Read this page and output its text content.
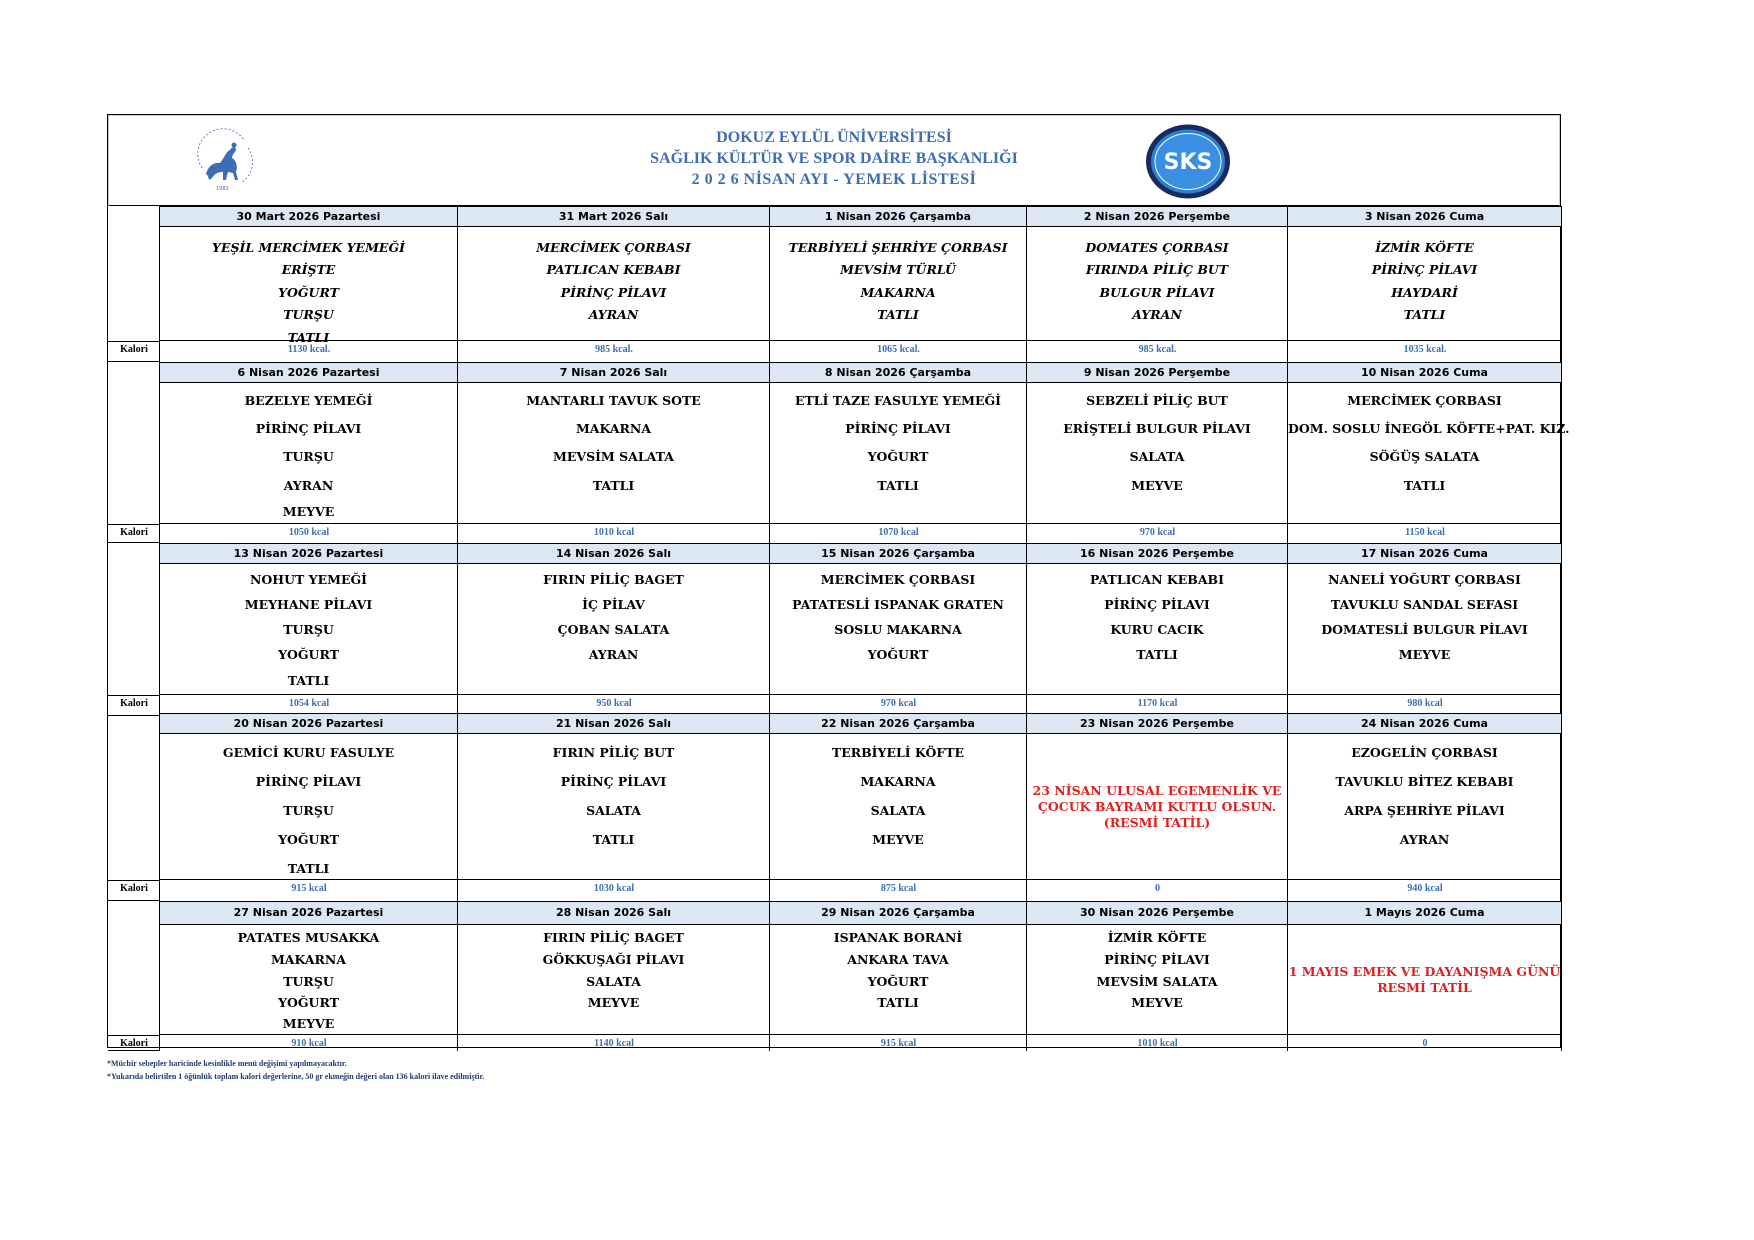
1982
DOKUZ EYLÜL ÜNİVERSİTESİ
SAĞLIK KÜLTÜR VE SPOR DAİRE BAŞKANLIĞI
2 0 2 6 NİSAN AYI - YEMEK LİSTESİ
SKS
Kalori
30 Mart 2026 Pazartesi
YEŞİL MERCİMEK YEMEĞİ
ERİŞTE
YOĞURT
TURŞU
TATLI
1130 kcal.
31 Mart 2026 Salı
MERCİMEK ÇORBASI
PATLICAN KEBABI
PİRİNÇ PİLAVI
AYRAN
985 kcal.
1 Nisan 2026 Çarşamba
TERBİYELİ ŞEHRİYE ÇORBASI
MEVSİM TÜRLÜ
MAKARNA
TATLI
1065 kcal.
2 Nisan 2026 Perşembe
DOMATES ÇORBASI
FIRINDA PİLİÇ BUT
BULGUR PİLAVI
AYRAN
985 kcal.
3 Nisan 2026 Cuma
İZMİR KÖFTE
PİRİNÇ PİLAVI
HAYDARİ
TATLI
1035 kcal.
Kalori
6 Nisan 2026 Pazartesi
BEZELYE YEMEĞİ
PİRİNÇ PİLAVI
TURŞU
AYRAN
MEYVE
1050 kcal
7 Nisan 2026 Salı
MANTARLI TAVUK SOTE
MAKARNA
MEVSİM SALATA
TATLI
1010 kcal
8 Nisan 2026 Çarşamba
ETLİ TAZE FASULYE YEMEĞİ
PİRİNÇ PİLAVI
YOĞURT
TATLI
1070 kcal
9 Nisan 2026 Perşembe
SEBZELİ PİLİÇ BUT
ERİŞTELİ BULGUR PİLAVI
SALATA
MEYVE
970 kcal
10 Nisan 2026 Cuma
MERCİMEK ÇORBASI
DOM. SOSLU İNEGÖL KÖFTE+PAT. KIZ.
SÖĞÜŞ SALATA
TATLI
1150 kcal
Kalori
13 Nisan 2026 Pazartesi
NOHUT YEMEĞİ
MEYHANE PİLAVI
TURŞU
YOĞURT
TATLI
1054 kcal
14 Nisan 2026 Salı
FIRIN PİLİÇ BAGET
İÇ PİLAV
ÇOBAN SALATA
AYRAN
950 kcal
15 Nisan 2026 Çarşamba
MERCİMEK ÇORBASI
PATATESLİ ISPANAK GRATEN
SOSLU MAKARNA
YOĞURT
970 kcal
16 Nisan 2026 Perşembe
PATLICAN KEBABI
PİRİNÇ PİLAVI
KURU CACIK
TATLI
1170 kcal
17 Nisan 2026 Cuma
NANELİ YOĞURT ÇORBASI
TAVUKLU SANDAL SEFASI
DOMATESLİ BULGUR PİLAVI
MEYVE
980 kcal
Kalori
20 Nisan 2026 Pazartesi
GEMİCİ KURU FASULYE
PİRİNÇ PİLAVI
TURŞU
YOĞURT
TATLI
915 kcal
21 Nisan 2026 Salı
FIRIN PİLİÇ BUT
PİRİNÇ PİLAVI
SALATA
TATLI
1030 kcal
22 Nisan 2026 Çarşamba
TERBİYELİ KÖFTE
MAKARNA
SALATA
MEYVE
875 kcal
23 Nisan 2026 Perşembe
23 NİSAN ULUSAL EGEMENLİK VE
ÇOCUK BAYRAMI KUTLU OLSUN.
(RESMİ TATİL)
0
24 Nisan 2026 Cuma
EZOGELİN ÇORBASI
TAVUKLU BİTEZ KEBABI
ARPA ŞEHRİYE PİLAVI
AYRAN
940 kcal
Kalori
27 Nisan 2026 Pazartesi
PATATES MUSAKKA
MAKARNA
TURŞU
YOĞURT
MEYVE
910 kcal
28 Nisan 2026 Salı
FIRIN PİLİÇ BAGET
GÖKKUŞAĞI PİLAVI
SALATA
MEYVE
1140 kcal
29 Nisan 2026 Çarşamba
ISPANAK BORANİ
ANKARA TAVA
YOĞURT
TATLI
915 kcal
30 Nisan 2026 Perşembe
İZMİR KÖFTE
PİRİNÇ PİLAVI
MEVSİM SALATA
MEYVE
1010 kcal
1 Mayıs 2026 Cuma
1 MAYIS EMEK VE DAYANIŞMA GÜNÜ
RESMİ TATİL
0
*Mücbir sebepler haricinde kesinlikle menü değişimi yapılmayacaktır.
*Yukarıda belirtilen 1 öğünlük toplam kalori değerlerine, 50 gr ekmeğin değeri olan 136 kalori ilave edilmiştir.
